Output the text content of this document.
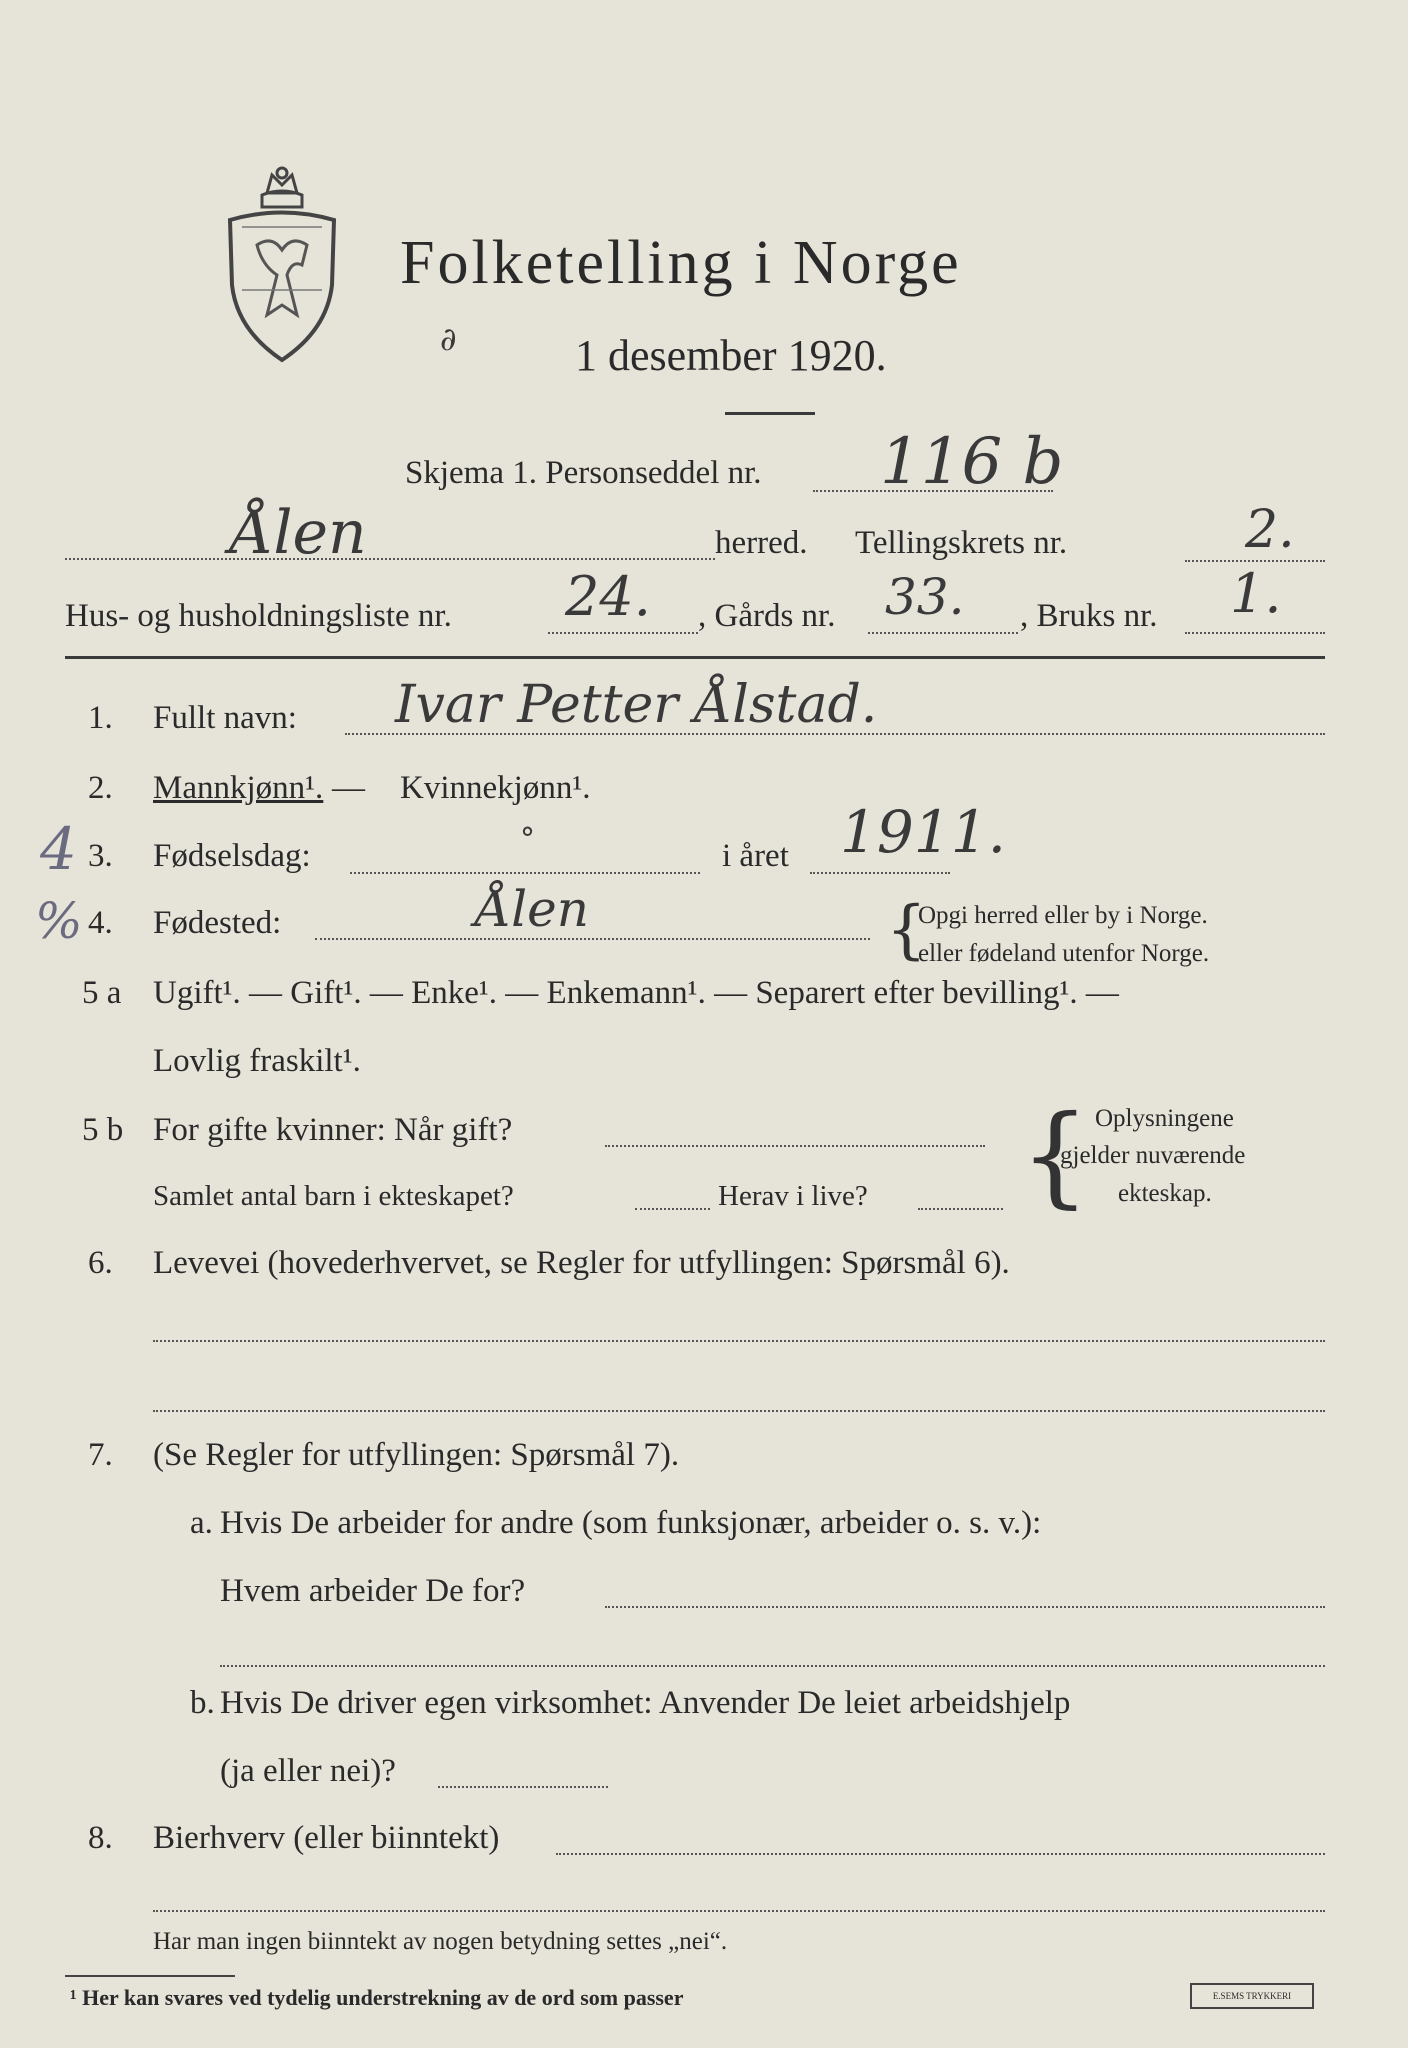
Folketelling i Norge
∂	1 desember 1920.
Skjema 1. Personseddel nr. 116 b
Ålen	herred. Tellingskrets nr.	2.
Hus- og husholdningsliste nr. 24. , Gårds nr. 33. , Bruks nr. 1.
1. Fullt navn: Ivar Petter Ålstad.
2. Mannkjønn¹. — Kvinnekjønn¹.
4
%
3. Fødselsdag:	°	i året 1911.
4. Fødested:	Ålen	{
Opgi herred eller by i Norge.
eller fødeland utenfor Norge.
5 a Ugift¹. — Gift¹. — Enke¹. — Enkemann¹. — Separert efter bevilling¹. —
Lovlig fraskilt¹.
5 b For gifte kvinner: Når gift?
Samlet antal barn i ekteskapet?	Herav i live? { Oplysningene
gjelder nuværende
ekteskap.
6. Levevei (hovederhvervet, se Regler for utfyllingen: Spørsmål 6).
7. (Se Regler for utfyllingen: Spørsmål 7).
a. Hvis De arbeider for andre (som funksjonær, arbeider o. s. v.):
Hvem arbeider De for?
b. Hvis De driver egen virksomhet: Anvender De leiet arbeidshjelp
(ja eller nei)?
8. Bierhverv (eller biinntekt)
Har man ingen biinntekt av nogen betydning settes „nei“.
¹ Her kan svares ved tydelig understrekning av de ord som passer	E.SEMS TRYKKERI
